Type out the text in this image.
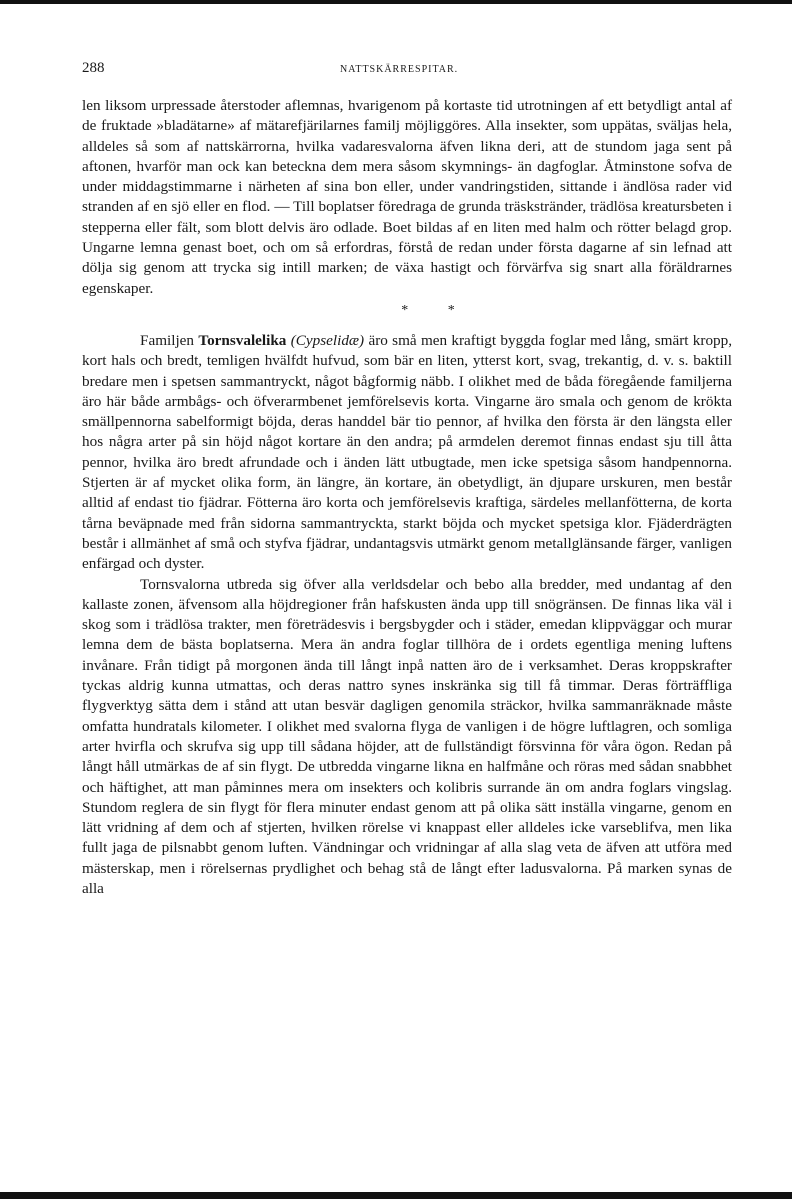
288	NATTSKÄRRESPITAR.

len liksom urpressade återstoder aflemnas, hvarigenom på kortaste tid utrotningen af ett betydligt antal af de fruktade »bladätarne» af mätarefjärilarnes familj möjliggöres. Alla insekter, som uppätas, sväljas hela, alldeles så som af nattskärrorna, hvilka vadaresvalorna äfven likna deri, att de stundom jaga sent på aftonen, hvarför man ock kan beteckna dem mera såsom skymnings- än dagfoglar. Åtminstone sofva de under middagstimmarne i närheten af sina bon eller, under vandringstiden, sittande i ändlösa rader vid stranden af en sjö eller en flod. — Till boplatser föredraga de grunda träskstränder, trädlösa kreatursbeten i stepperna eller fält, som blott delvis äro odlade. Boet bildas af en liten med halm och rötter belagd grop. Ungarne lemna genast boet, och om så erfordras, förstå de redan under första dagarne af sin lefnad att dölja sig genom att trycka sig intill marken; de växa hastigt och förvärfva sig snart alla föräldrarnes egenskaper.

* *

Familjen Tornsvalelika (Cypselidæ) äro små men kraftigt byggda foglar med lång, smärt kropp, kort hals och bredt, temligen hvälfdt hufvud, som bär en liten, ytterst kort, svag, trekantig, d. v. s. baktill bredare men i spetsen sammantryckt, något bågformig näbb. I olikhet med de båda föregående familjerna äro här både armbågs- och öfverarmbenet jemförelsevis korta. Vingarne äro smala och genom de krökta smällpennorna sabelformigt böjda, deras handdel bär tio pennor, af hvilka den första är den längsta eller hos några arter på sin höjd något kortare än den andra; på armdelen deremot finnas endast sju till åtta pennor, hvilka äro bredt afrundade och i änden lätt utbugtade, men icke spetsiga såsom handpennorna. Stjerten är af mycket olika form, än längre, än kortare, än obetydligt, än djupare urskuren, men består alltid af endast tio fjädrar. Fötterna äro korta och jemförelsevis kraftiga, särdeles mellanfötterna, de korta tårna beväpnade med från sidorna sammantryckta, starkt böjda och mycket spetsiga klor. Fjäderdrägten består i allmänhet af små och styfva fjädrar, undantagsvis utmärkt genom metallglänsande färger, vanligen enfärgad och dyster.

Tornsvalorna utbreda sig öfver alla verldsdelar och bebo alla bredder, med undantag af den kallaste zonen, äfvensom alla höjdregioner från hafskusten ända upp till snögränsen. De finnas lika väl i skog som i trädlösa trakter, men företrädesvis i bergsbygder och i städer, emedan klippväggar och murar lemna dem de bästa boplatserna. Mera än andra foglar tillhöra de i ordets egentliga mening luftens invånare. Från tidigt på morgonen ända till långt inpå natten äro de i verksamhet. Deras kroppskrafter tyckas aldrig kunna utmattas, och deras nattro synes inskränka sig till få timmar. Deras förträffliga flygverktyg sätta dem i stånd att utan besvär dagligen genomila sträckor, hvilka sammanräknade måste omfatta hundratals kilometer. I olikhet med svalorna flyga de vanligen i de högre luftlagren, och somliga arter hvirfla och skrufva sig upp till sådana höjder, att de fullständigt försvinna för våra ögon. Redan på långt håll utmärkas de af sin flygt. De utbredda vingarne likna en halfmåne och röras med sådan snabbhet och häftighet, att man påminnes mera om insekters och kolibris surrande än om andra foglars vingslag. Stundom reglera de sin flygt för flera minuter endast genom att på olika sätt inställa vingarne, genom en lätt vridning af dem och af stjerten, hvilken rörelse vi knappast eller alldeles icke varseblifva, men lika fullt jaga de pilsnabbt genom luften. Vändningar och vridningar af alla slag veta de äfven att utföra med mästerskap, men i rörelsernas prydlighet och behag stå de långt efter ladusvalorna. På marken synas de alla
